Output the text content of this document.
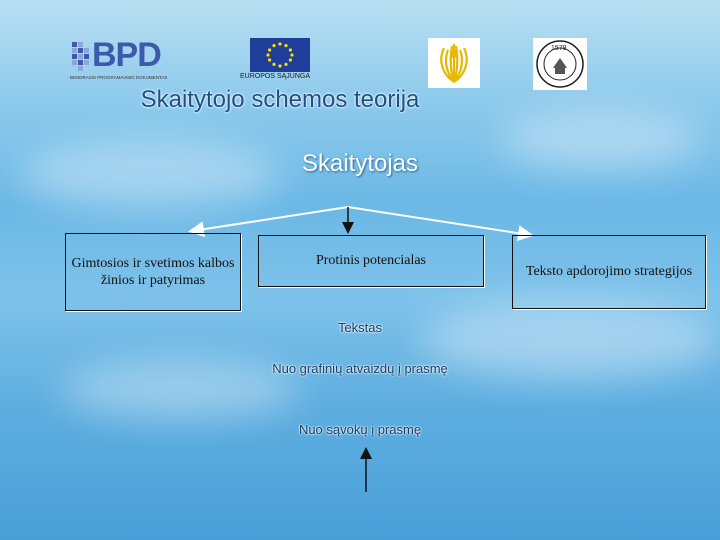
BPD
BENDRASIS PROGRAMAVIMO DOKUMENTAS	EUROPOS SĄJUNGA
1579
Skaitytojo schemos teorija
Skaitytojas
Gimtosios ir svetimos kalbos žinios ir patyrimas
Protinis potencialas
Teksto apdorojimo strategijos
Tekstas
Nuo grafinių atvaizdų į prasmę
Nuo sąvokų į prasmę
